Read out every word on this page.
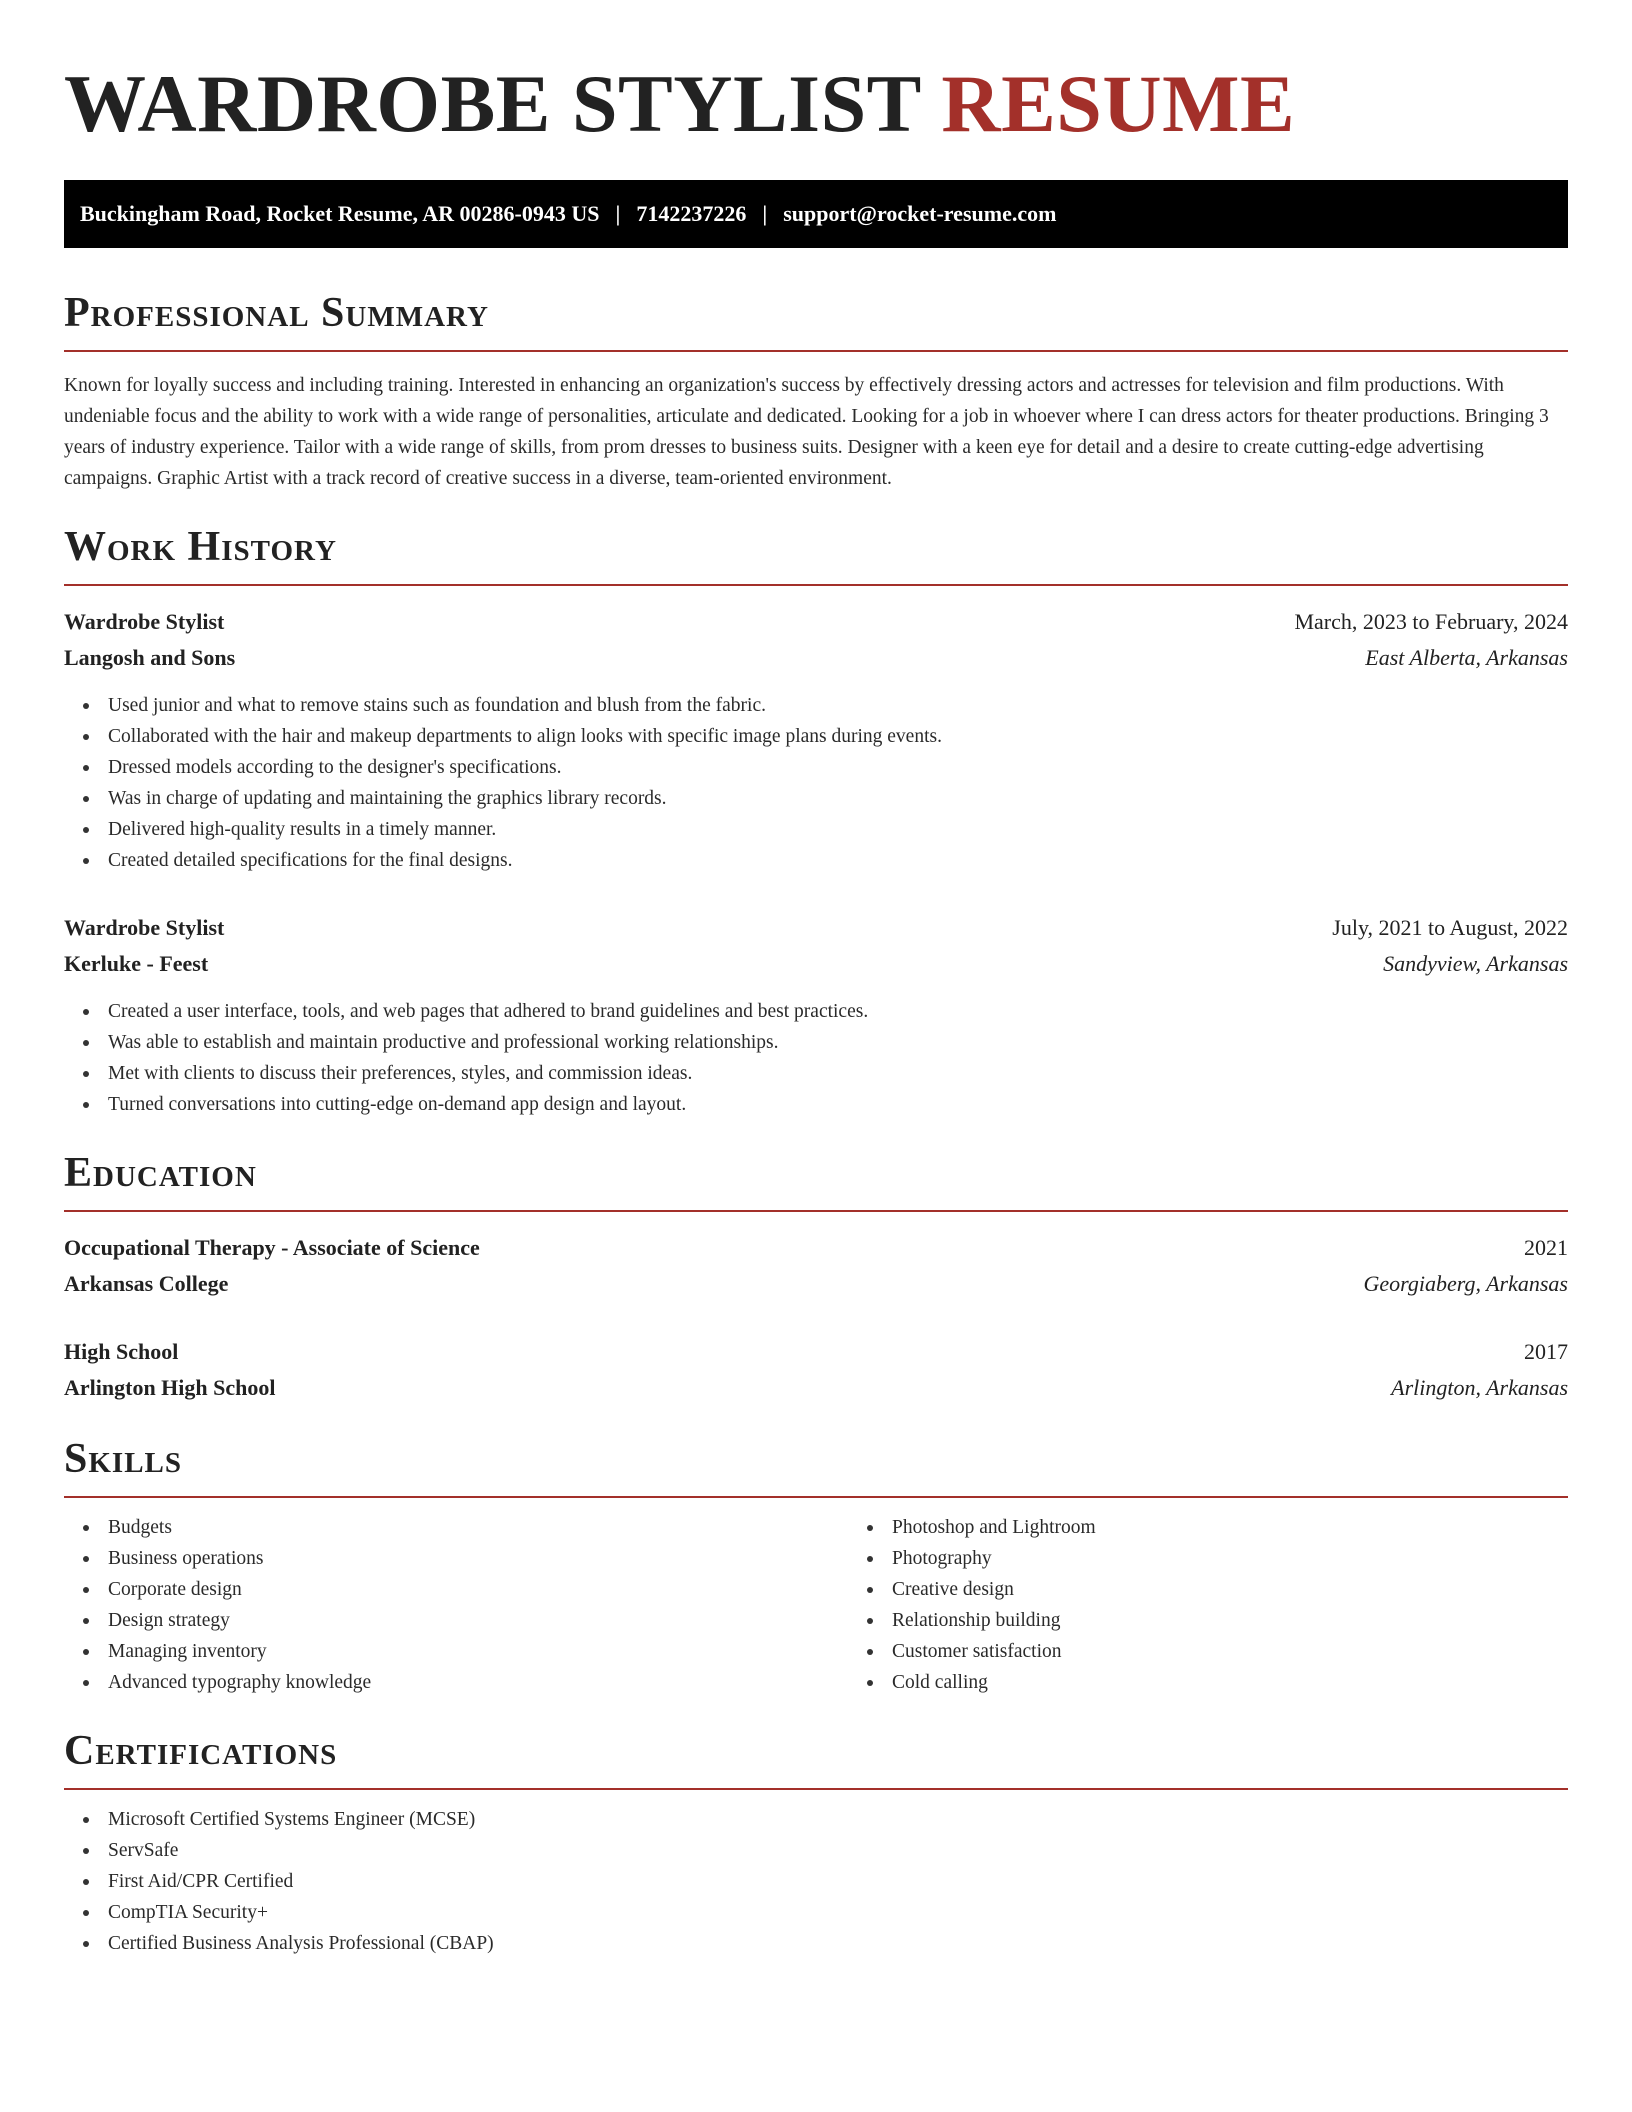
WARDROBE STYLIST RESUME
Buckingham Road, Rocket Resume, AR 00286-0943 US | 7142237226 | support@rocket-resume.com
Professional Summary

Known for loyally success and including training. Interested in enhancing an organization's success by effectively dressing actors and actresses for television and film productions. With undeniable focus and the ability to work with a wide range of personalities, articulate and dedicated. Looking for a job in whoever where I can dress actors for theater productions. Bringing 3 years of industry experience. Tailor with a wide range of skills, from prom dresses to business suits. Designer with a keen eye for detail and a desire to create cutting-edge advertising campaigns. Graphic Artist with a track record of creative success in a diverse, team-oriented environment.

Work History
Wardrobe Stylist	March, 2023 to February, 2024
Langosh and Sons	East Alberta, Arkansas
Used junior and what to remove stains such as foundation and blush from the fabric.
Collaborated with the hair and makeup departments to align looks with specific image plans during events.
Dressed models according to the designer's specifications.
Was in charge of updating and maintaining the graphics library records.
Delivered high-quality results in a timely manner.
Created detailed specifications for the final designs.
Wardrobe Stylist	July, 2021 to August, 2022
Kerluke - Feest	Sandyview, Arkansas
Created a user interface, tools, and web pages that adhered to brand guidelines and best practices.
Was able to establish and maintain productive and professional working relationships.
Met with clients to discuss their preferences, styles, and commission ideas.
Turned conversations into cutting-edge on-demand app design and layout.
Education
Occupational Therapy - Associate of Science	2021
Arkansas College	Georgiaberg, Arkansas
High School	2017
Arlington High School	Arlington, Arkansas
Skills
Budgets
Business operations
Corporate design
Design strategy
Managing inventory
Advanced typography knowledge
Photoshop and Lightroom
Photography
Creative design
Relationship building
Customer satisfaction
Cold calling
Certifications
Microsoft Certified Systems Engineer (MCSE)
ServSafe
First Aid/CPR Certified
CompTIA Security+
Certified Business Analysis Professional (CBAP)
